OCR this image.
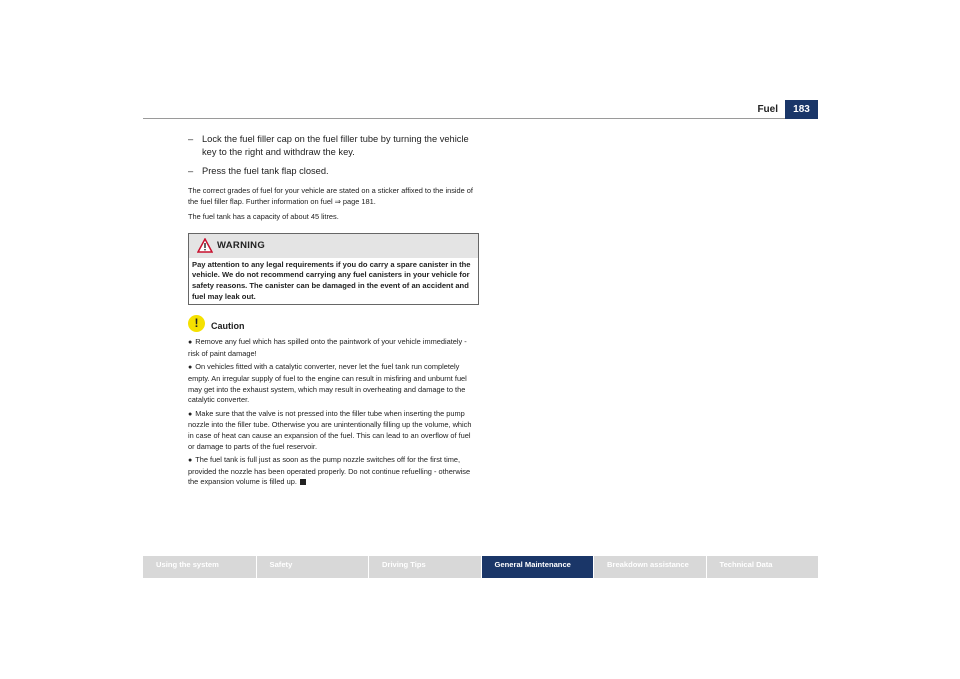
Fuel	183
– Lock the fuel filler cap on the fuel filler tube by turning the vehicle key to the right and withdraw the key.
– Press the fuel tank flap closed.

The correct grades of fuel for your vehicle are stated on a sticker affixed to the inside of the fuel filler flap. Further information on fuel ⇒ page 181.

The fuel tank has a capacity of about 45 litres.

WARNING
Pay attention to any legal requirements if you do carry a spare canister in the vehicle. We do not recommend carrying any fuel canisters in your vehicle for safety reasons. The canister can be damaged in the event of an accident and fuel may leak out.
!	Caution

● Remove any fuel which has spilled onto the paintwork of your vehicle immediately - risk of paint damage!

● On vehicles fitted with a catalytic converter, never let the fuel tank run completely empty. An irregular supply of fuel to the engine can result in misfiring and unburnt fuel may get into the exhaust system, which may result in overheating and damage to the catalytic converter.

● Make sure that the valve is not pressed into the filler tube when inserting the pump nozzle into the filler tube. Otherwise you are unintentionally filling up the volume, which in case of heat can cause an expansion of the fuel. This can lead to an overflow of fuel or damage to parts of the fuel reservoir.

● The fuel tank is full just as soon as the pump nozzle switches off for the first time, provided the nozzle has been operated properly. Do not continue refuelling - otherwise the expansion volume is filled up.

Using the system	Safety	Driving Tips	General Maintenance	Breakdown assistance	Technical Data
